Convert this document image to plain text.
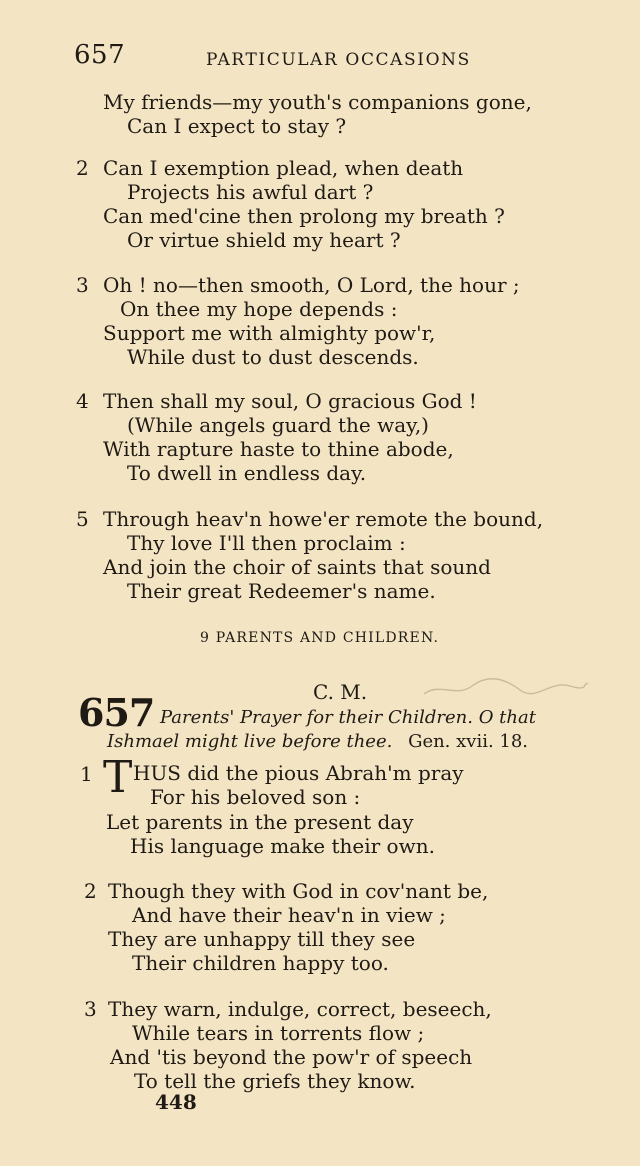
657	PARTICULAR OCCASIONS
My friends—my youth's companions gone,
Can I expect to stay ?
2 Can I exemption plead, when death
Projects his awful dart ?
Can med'cine then prolong my breath ?
Or virtue shield my heart ?
3 Oh ! no—then smooth, O Lord, the hour ;
On thee my hope depends :
Support me with almighty pow'r,
While dust to dust descends.
4 Then shall my soul, O gracious God !
(While angels guard the way,)
With rapture haste to thine abode,
To dwell in endless day.
5 Through heav'n howe'er remote the bound,
Thy love I'll then proclaim :
And join the choir of saints that sound
Their great Redeemer's name.
9 PARENTS AND CHILDREN.
C. M.
657 Parents' Prayer for their Children. O that
Ishmael might live before thee. Gen. xvii. 18.
1 T HUS did the pious Abrah'm pray
For his beloved son :
Let parents in the present day
His language make their own.
2 Though they with God in cov'nant be,
And have their heav'n in view ;
They are unhappy till they see
Their children happy too.
3 They warn, indulge, correct, beseech,
While tears in torrents flow ;
And 'tis beyond the pow'r of speech
To tell the griefs they know.
448
